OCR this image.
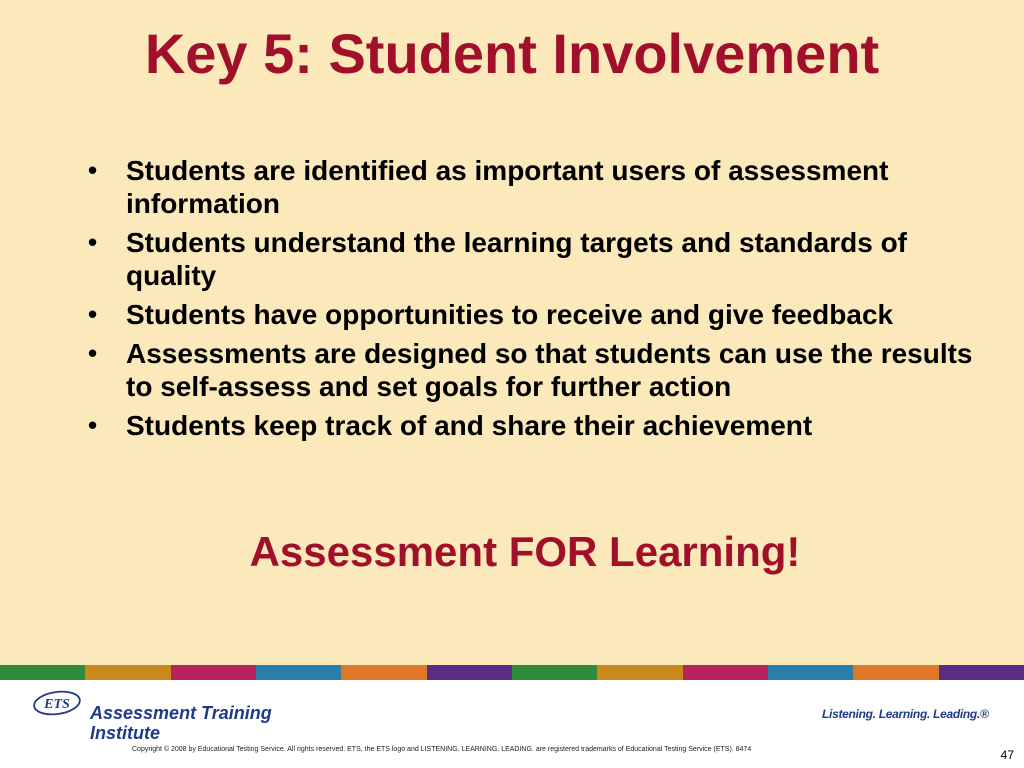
Key 5: Student Involvement
•	Students are identified as important users of assessment information
•	Students understand the learning targets and standards of quality
•	Students have opportunities to receive and give feedback
•	Assessments are designed so that students can use the results to self-assess and set goals for further action
•	Students keep track of and share their achievement
Assessment FOR Learning!
ETS Assessment Training
Institute
Listening. Learning. Leading.®
Copyright © 2008 by Educational Testing Service. All rights reserved. ETS, the ETS logo and LISTENING. LEARNING. LEADING. are registered trademarks of Educational Testing Service (ETS). 8474	47
